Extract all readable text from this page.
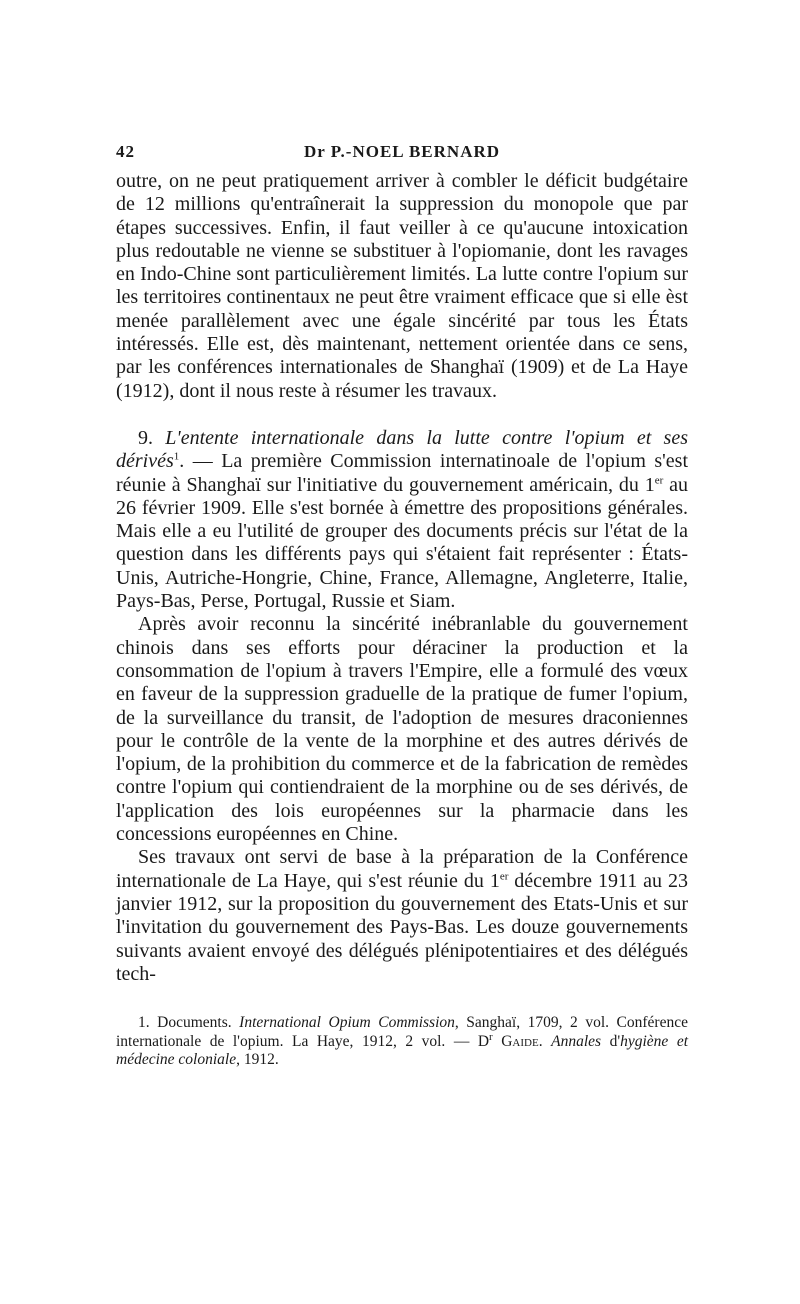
42	Dr P.-NOEL BERNARD

outre, on ne peut pratiquement arriver à combler le déficit budgétaire de 12 millions qu'entraînerait la suppression du monopole que par étapes successives. Enfin, il faut veiller à ce qu'aucune intoxication plus redoutable ne vienne se substituer à l'opiomanie, dont les ravages en Indo-Chine sont particulièrement limités. La lutte contre l'opium sur les territoires continentaux ne peut être vraiment efficace que si elle èst menée parallèlement avec une égale sincérité par tous les États intéressés. Elle est, dès maintenant, nettement orientée dans ce sens, par les conférences internationales de Shanghaï (1909) et de La Haye (1912), dont il nous reste à résumer les travaux.

9. L'entente internationale dans la lutte contre l'opium et ses dérivés$^1$. — La première Commission internatinoale de l'opium s'est réunie à Shanghaï sur l'initiative du gouvernement américain, du 1er au 26 février 1909. Elle s'est bornée à émettre des propositions générales. Mais elle a eu l'utilité de grouper des documents précis sur l'état de la question dans les différents pays qui s'étaient fait représenter : États-Unis, Autriche-Hongrie, Chine, France, Allemagne, Angleterre, Italie, Pays-Bas, Perse, Portugal, Russie et Siam.

Après avoir reconnu la sincérité inébranlable du gouvernement chinois dans ses efforts pour déraciner la production et la consommation de l'opium à travers l'Empire, elle a formulé des vœux en faveur de la suppression graduelle de la pratique de fumer l'opium, de la surveillance du transit, de l'adoption de mesures draconiennes pour le contrôle de la vente de la morphine et des autres dérivés de l'opium, de la prohibition du commerce et de la fabrication de remèdes contre l'opium qui contiendraient de la morphine ou de ses dérivés, de l'application des lois européennes sur la pharmacie dans les concessions européennes en Chine.

Ses travaux ont servi de base à la préparation de la Conférence internationale de La Haye, qui s'est réunie du 1er décembre 1911 au 23 janvier 1912, sur la proposition du gouvernement des Etats-Unis et sur l'invitation du gouvernement des Pays-Bas. Les douze gouvernements suivants avaient envoyé des délégués plénipotentiaires et des délégués tech-

1. Documents. International Opium Commission, Sanghaï, 1709, 2 vol. Conférence internationale de l'opium. La Haye, 1912, 2 vol. — $D^r$ Gaide. Annales d'hygiène et médecine coloniale, 1912.
